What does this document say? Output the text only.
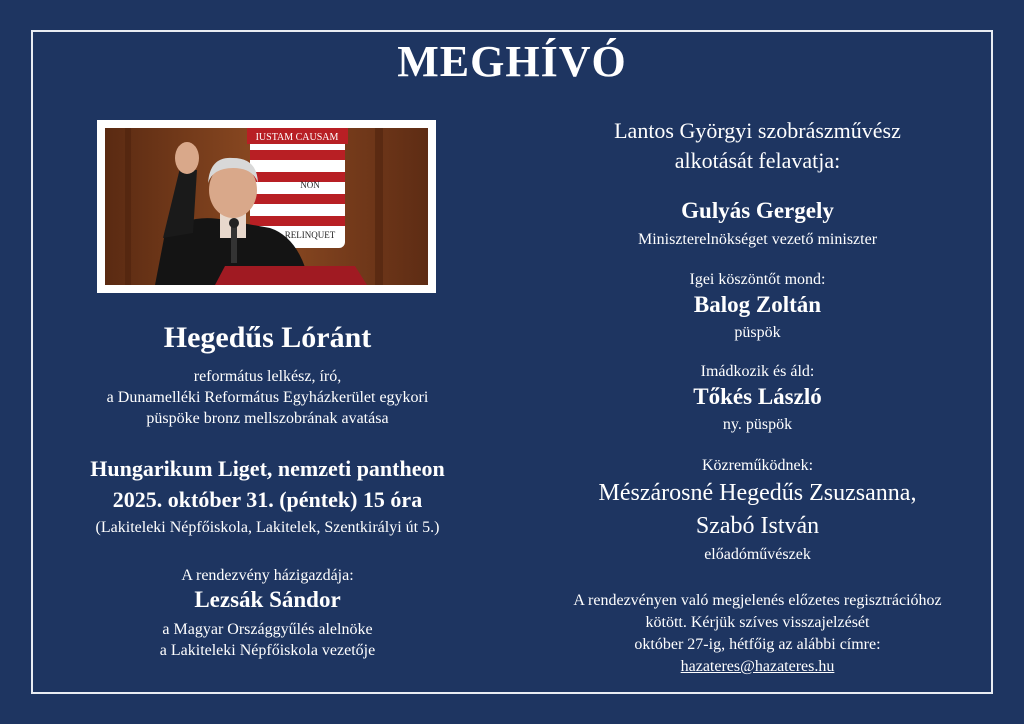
MEGHÍVÓ
IUSTAM CAUSAM
NON
RELINQUET
Hegedűs Lóránt
református lelkész, író,
a Dunamelléki Református Egyházkerület egykori
püspöke bronz mellszobrának avatása
Hungarikum Liget, nemzeti pantheon
2025. október 31. (péntek) 15 óra
(Lakiteleki Népfőiskola, Lakitelek, Szentkirályi út 5.)
A rendezvény házigazdája:
Lezsák Sándor
a Magyar Országgyűlés alelnöke
a Lakiteleki Népfőiskola vezetője
Lantos Györgyi szobrászművész
alkotását felavatja:
Gulyás Gergely
Miniszterelnökséget vezető miniszter
Igei köszöntőt mond:
Balog Zoltán
püspök
Imádkozik és áld:
Tőkés László
ny. püspök
Közreműködnek:
Mészárosné Hegedűs Zsuzsanna,
Szabó István
előadóművészek
A rendezvényen való megjelenés előzetes regisztrációhoz
kötött. Kérjük szíves visszajelzését
október 27-ig, hétfőig az alábbi címre:
hazateres@hazateres.hu
